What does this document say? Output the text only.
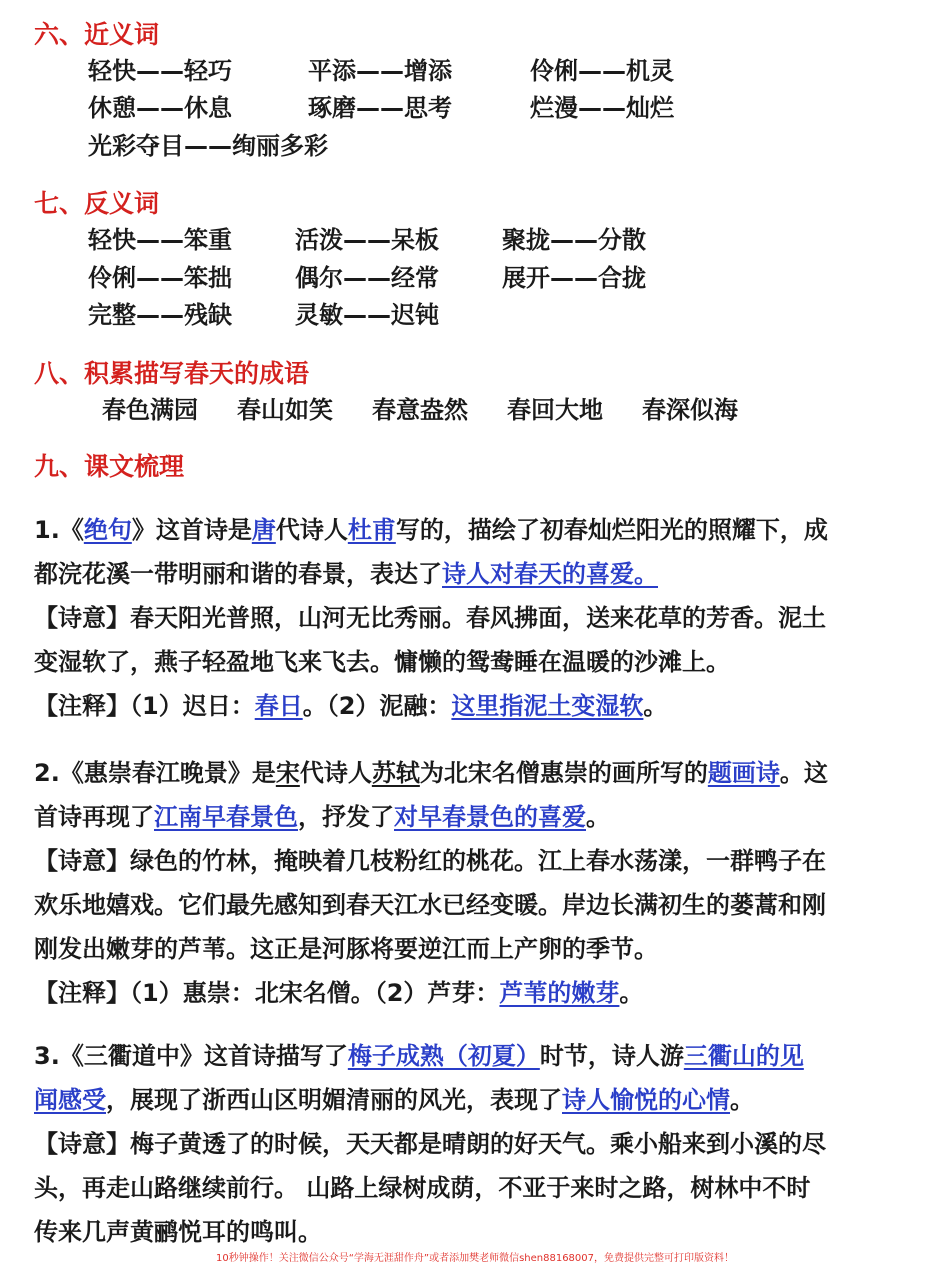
六、近义词
轻快——轻巧	平添——增添	伶俐——机灵
休憩——休息	琢磨——思考	烂漫——灿烂
光彩夺目——绚丽多彩
七、反义词
轻快——笨重	活泼——呆板	聚拢——分散
伶俐——笨拙	偶尔——经常	展开——合拢
完整——残缺	灵敏——迟钝
八、积累描写春天的成语
春色满园 春山如笑 春意盎然 春回大地 春深似海
九、课文梳理
1.《绝句》这首诗是唐代诗人杜甫写的，描绘了初春灿烂阳光的照耀下，成
都浣花溪一带明丽和谐的春景，表达了诗人对春天的喜爱。
【诗意】春天阳光普照，山河无比秀丽。春风拂面，送来花草的芳香。泥土
变湿软了，燕子轻盈地飞来飞去。慵懒的鸳鸯睡在温暖的沙滩上。
【注释】（1）迟日：春日。（2）泥融：这里指泥土变湿软。
2.《惠崇春江晚景》是宋代诗人苏轼为北宋名僧惠崇的画所写的题画诗。这
首诗再现了江南早春景色，抒发了对早春景色的喜爱。
【诗意】绿色的竹林，掩映着几枝粉红的桃花。江上春水荡漾，一群鸭子在
欢乐地嬉戏。它们最先感知到春天江水已经变暖。岸边长满初生的蒌蒿和刚
刚发出嫩芽的芦苇。这正是河豚将要逆江而上产卵的季节。
【注释】（1）惠崇：北宋名僧。（2）芦芽：芦苇的嫩芽。
3.《三衢道中》这首诗描写了梅子成熟（初夏）时节，诗人游三衢山的见
闻感受，展现了浙西山区明媚清丽的风光，表现了诗人愉悦的心情。
【诗意】梅子黄透了的时候，天天都是晴朗的好天气。乘小船来到小溪的尽
头，再走山路继续前行。 山路上绿树成荫，不亚于来时之路，树林中不时
传来几声黄鹂悦耳的鸣叫。
10秒钟操作！关注微信公众号“学海无涯甜作舟”或者添加樊老师微信shen88168007，免费提供完整可打印版资料！
